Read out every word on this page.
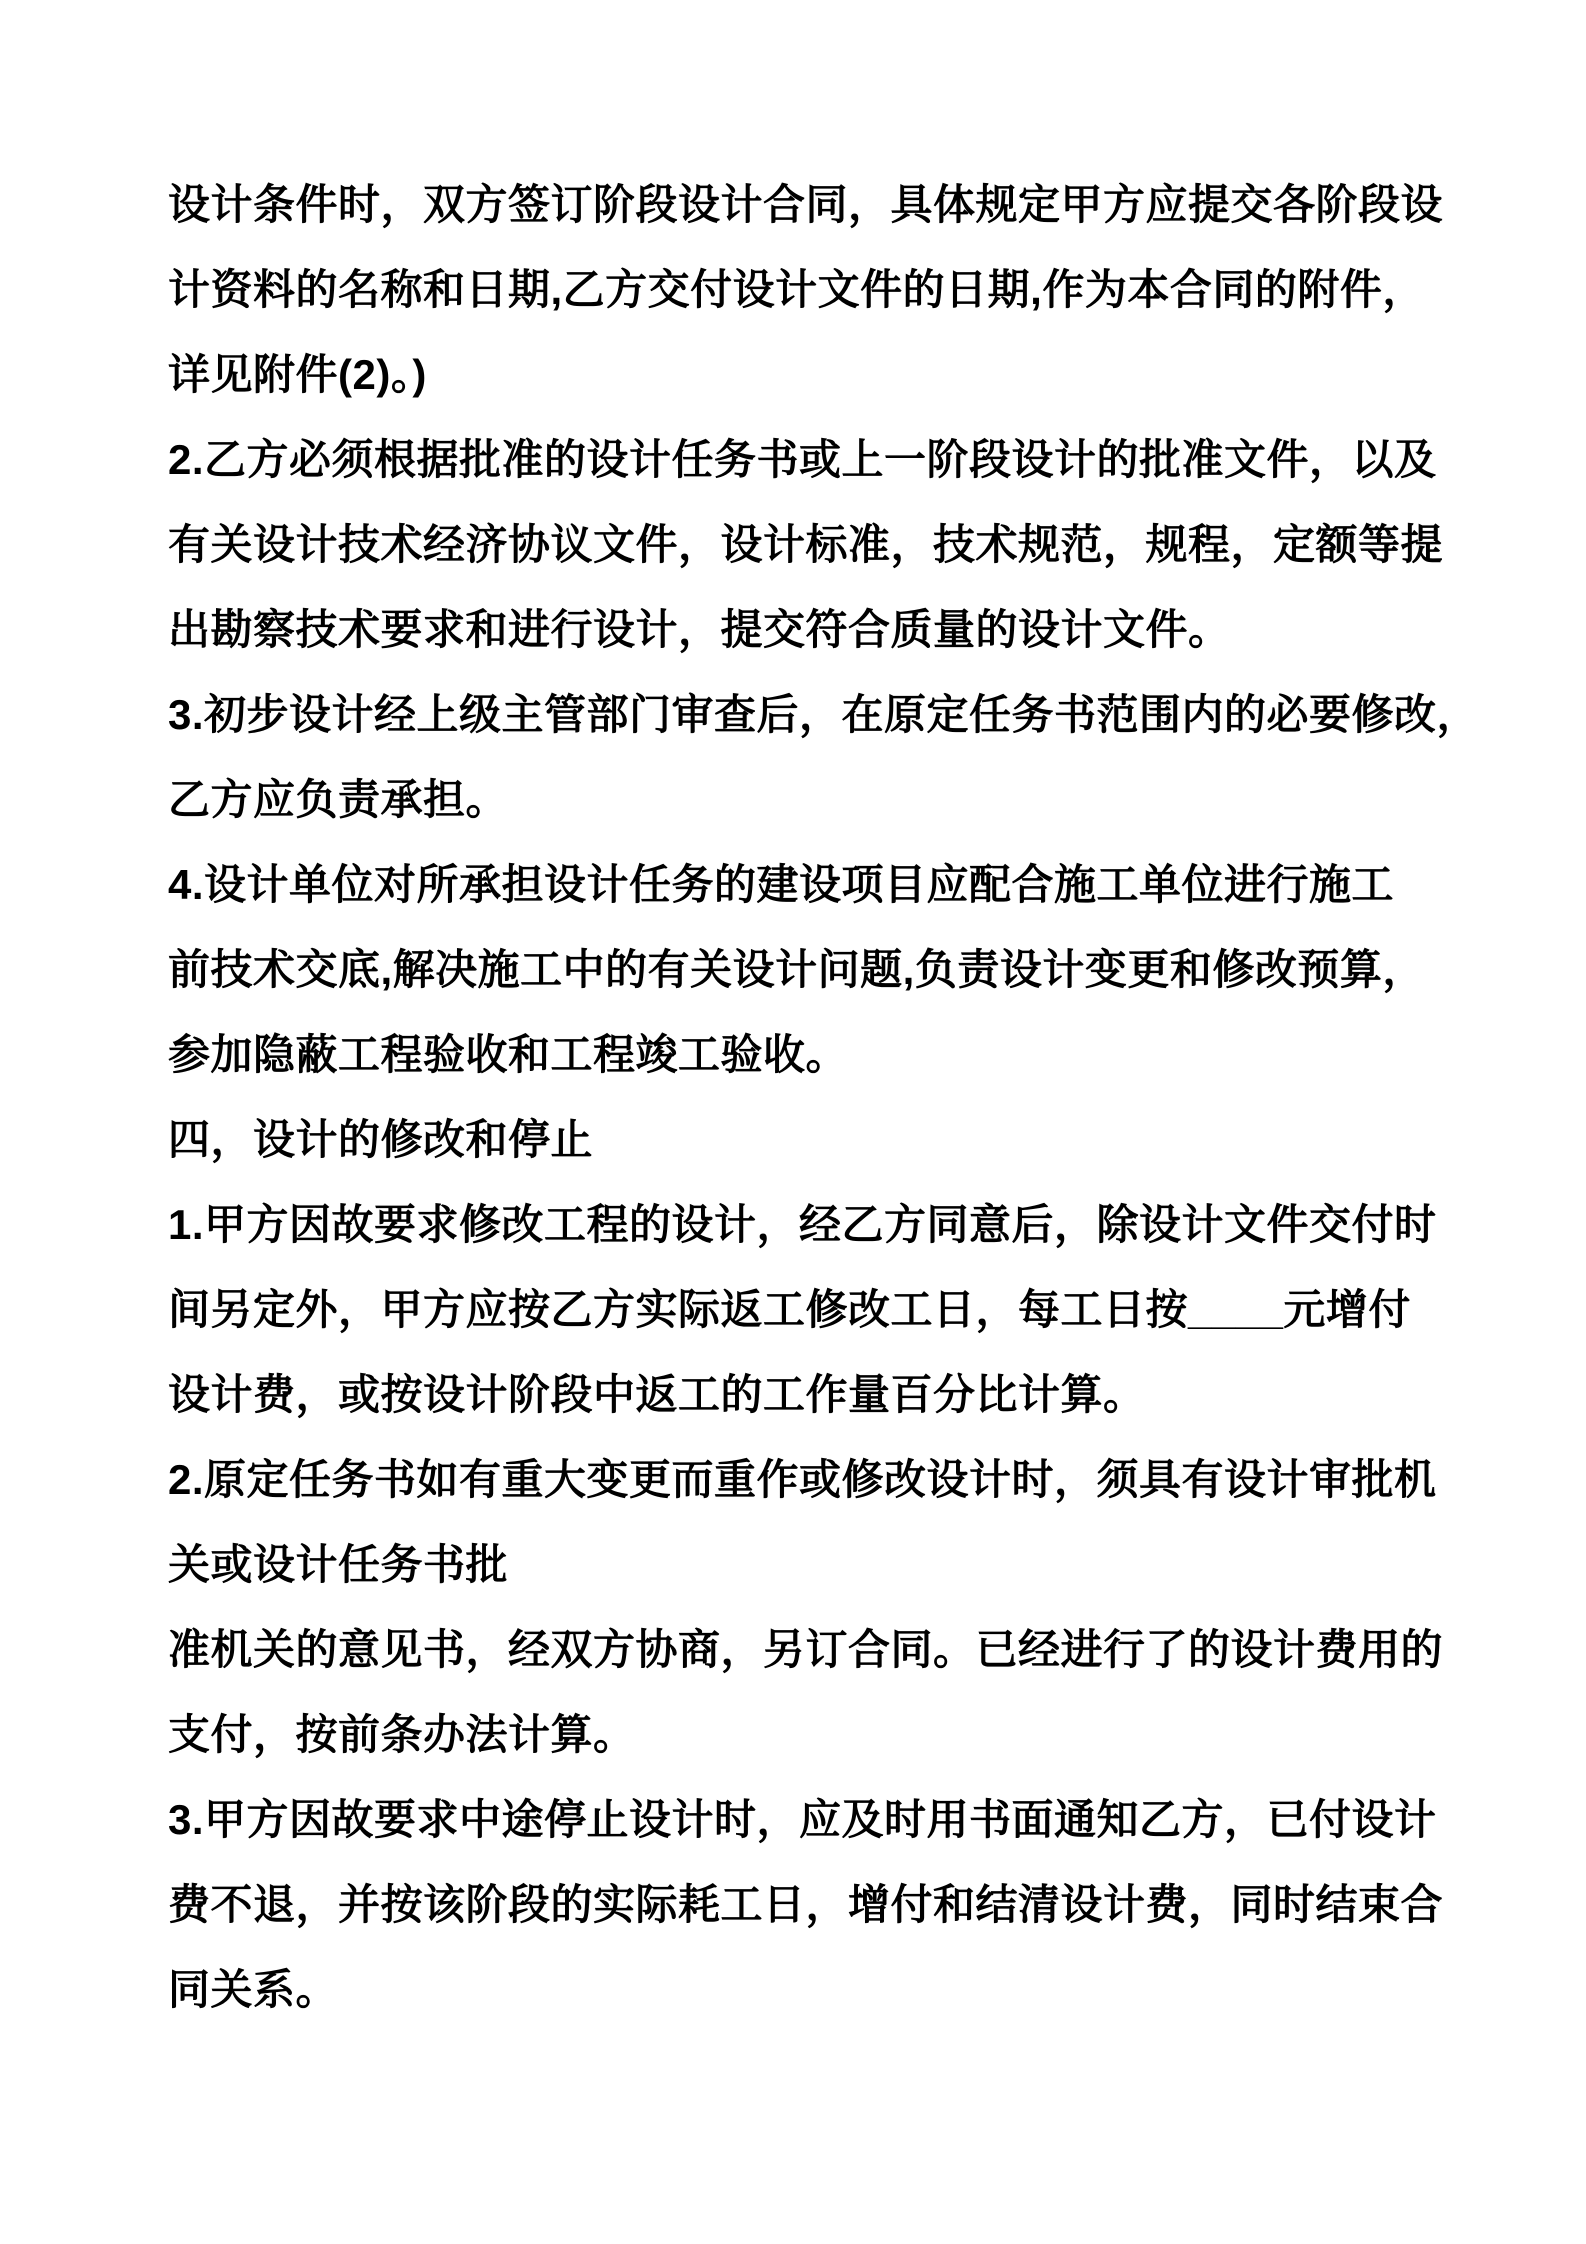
设计条件时，双方签订阶段设计合同，具体规定甲方应提交各阶段设
计资料的名称和日期,乙方交付设计文件的日期,作为本合同的附件，
详见附件(2)。)
2.乙方必须根据批准的设计任务书或上一阶段设计的批准文件，以及
有关设计技术经济协议文件，设计标准，技术规范，规程，定额等提
出勘察技术要求和进行设计，提交符合质量的设计文件。
3.初步设计经上级主管部门审查后，在原定任务书范围内的必要修改，
乙方应负责承担。
4.设计单位对所承担设计任务的建设项目应配合施工单位进行施工
前技术交底,解决施工中的有关设计问题,负责设计变更和修改预算，
参加隐蔽工程验收和工程竣工验收。
四，设计的修改和停止
1.甲方因故要求修改工程的设计，经乙方同意后，除设计文件交付时
间另定外，甲方应按乙方实际返工修改工日，每工日按____元增付
设计费，或按设计阶段中返工的工作量百分比计算。
2.原定任务书如有重大变更而重作或修改设计时，须具有设计审批机
关或设计任务书批
准机关的意见书，经双方协商，另订合同。已经进行了的设计费用的
支付，按前条办法计算。
3.甲方因故要求中途停止设计时，应及时用书面通知乙方，已付设计
费不退，并按该阶段的实际耗工日，增付和结清设计费，同时结束合
同关系。
